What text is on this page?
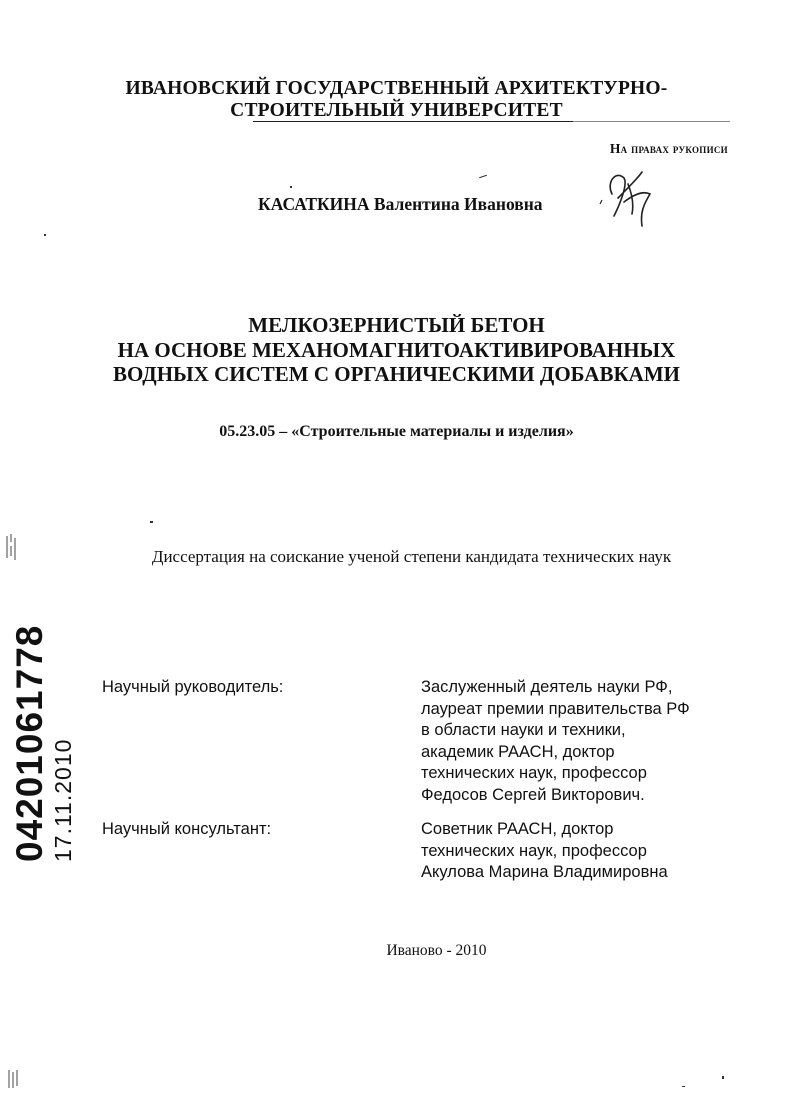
ИВАНОВСКИЙ ГОСУДАРСТВЕННЫЙ АРХИТЕКТУРНО-
СТРОИТЕЛЬНЫЙ УНИВЕРСИТЕТ
На правах рукописи
КАСАТКИНА Валентина Ивановна
МЕЛКОЗЕРНИСТЫЙ БЕТОН
НА ОСНОВЕ МЕХАНОМАГНИТОАКТИВИРОВАННЫХ
ВОДНЫХ СИСТЕМ С ОРГАНИЧЕСКИМИ ДОБАВКАМИ
05.23.05 – «Строительные материалы и изделия»
Диссертация на соискание ученой степени кандидата технических наук
Научный руководитель:	Заслуженный деятель науки РФ,
лауреат премии правительства РФ
в области науки и техники,
академик РААСН, доктор
технических наук, профессор
Федосов Сергей Викторович.
Научный консультант:	Советник РААСН, доктор
технических наук, профессор
Акулова Марина Владимировна
Иваново - 2010
04201061778 17.11.2010
